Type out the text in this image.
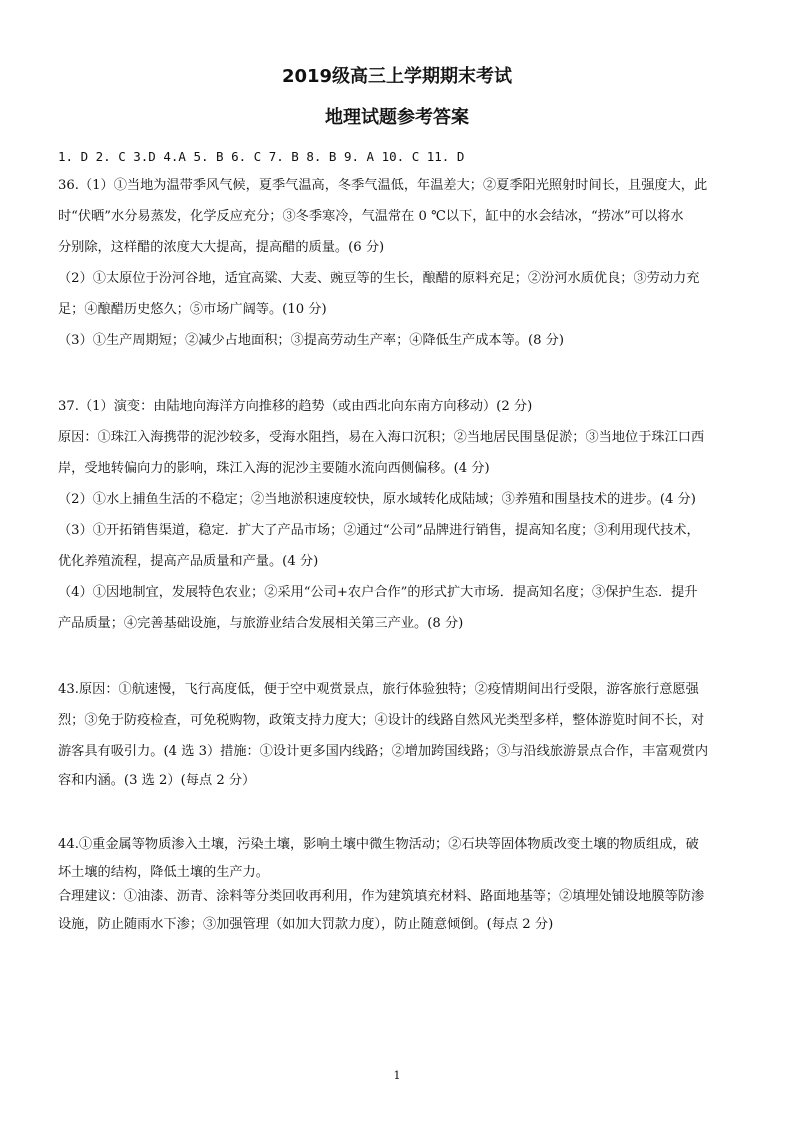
2019级高三上学期期末考试
地理试题参考答案
1. D 2. C 3.D 4.A 5. B 6. C 7. B 8. B 9. A 10. C 11. D
36.（1）①当地为温带季风气候，夏季气温高，冬季气温低，年温差大；②夏季阳光照射时间长，且强度大，此
时“伏晒”水分易蒸发，化学反应充分；③冬季寒冷，气温常在 0 ℃以下，缸中的水会结冰，“捞冰”可以将水
分别除，这样醋的浓度大大提高，提高醋的质量。(6 分)
（2）①太原位于汾河谷地，适宜高粱、大麦、豌豆等的生长，酿醋的原料充足；②汾河水质优良；③劳动力充
足；④酿醋历史悠久；⑤市场广阔等。(10 分)
（3）①生产周期短；②减少占地面积；③提高劳动生产率；④降低生产成本等。(8 分)
37.（1）演变：由陆地向海洋方向推移的趋势（或由西北向东南方向移动）(2 分)
原因：①珠江入海携带的泥沙较多，受海水阻挡，易在入海口沉积；②当地居民围垦促淤；③当地位于珠江口西
岸，受地转偏向力的影响，珠江入海的泥沙主要随水流向西侧偏移。(4 分)
（2）①水上捕鱼生活的不稳定；②当地淤积速度较快，原水域转化成陆域；③养殖和围垦技术的进步。(4 分)
（3）①开拓销售渠道，稳定．扩大了产品市场；②通过“公司”品牌进行销售，提高知名度；③利用现代技术，
优化养殖流程，提高产品质量和产量。(4 分)
（4）①因地制宜，发展特色农业；②采用“公司+农户合作”的形式扩大市场．提高知名度；③保护生态．提升
产品质量；④完善基础设施，与旅游业结合发展相关第三产业。(8 分)
43.原因：①航速慢，飞行高度低，便于空中观赏景点，旅行体验独特；②疫情期间出行受限，游客旅行意愿强
烈；③免于防疫检查，可免税购物，政策支持力度大；④设计的线路自然风光类型多样，整体游览时间不长，对
游客具有吸引力。(4 选 3）措施：①设计更多国内线路；②增加跨国线路；③与沿线旅游景点合作，丰富观赏内
容和内涵。(3 选 2）(每点 2 分）
44.①重金属等物质渗入土壤，污染土壤，影响土壤中微生物活动；②石块等固体物质改变土壤的物质组成，破
坏土壤的结构，降低土壤的生产力。
合理建议：①油漆、沥青、涂料等分类回收再利用，作为建筑填充材料、路面地基等；②填埋处铺设地膜等防渗
设施，防止随雨水下渗；③加强管理（如加大罚款力度），防止随意倾倒。(每点 2 分)
1
